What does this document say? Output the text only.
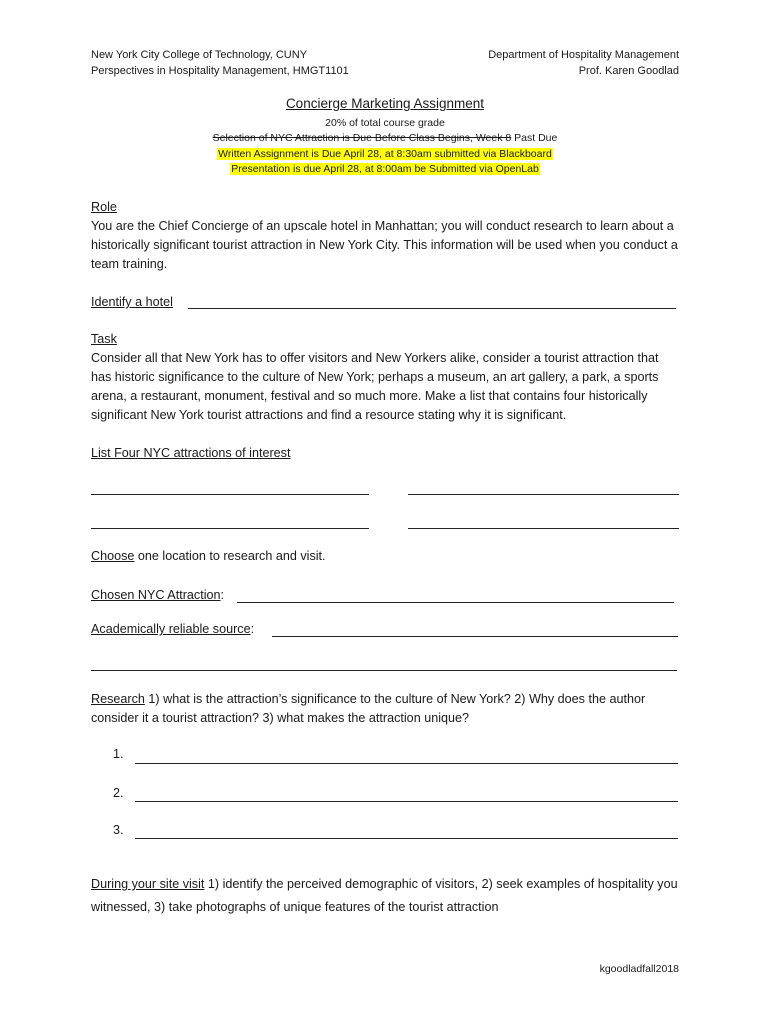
New York City College of Technology, CUNY
Perspectives in Hospitality Management, HMGT1101
Department of Hospitality Management
Prof. Karen Goodlad
Concierge Marketing Assignment
20% of total course grade
Selection of NYC Attraction is Due Before Class Begins, Week 8 Past Due
Written Assignment is Due April 28, at 8:30am submitted via Blackboard
Presentation is due April 28, at 8:00am be Submitted via OpenLab
Role
You are the Chief Concierge of an upscale hotel in Manhattan; you will conduct research to learn about a historically significant tourist attraction in New York City. This information will be used when you conduct a team training.
Identify a hotel
Task
Consider all that New York has to offer visitors and New Yorkers alike, consider a tourist attraction that has historic significance to the culture of New York; perhaps a museum, an art gallery, a park, a sports arena, a restaurant, monument, festival and so much more. Make a list that contains four historically significant New York tourist attractions and find a resource stating why it is significant.
List Four NYC attractions of interest
Choose one location to research and visit.
Chosen NYC Attraction:
Academically reliable source:
Research 1) what is the attraction’s significance to the culture of New York? 2) Why does the author consider it a tourist attraction? 3) what makes the attraction unique?
1.
2.
3.
During your site visit 1) identify the perceived demographic of visitors, 2) seek examples of hospitality you witnessed, 3) take photographs of unique features of the tourist attraction
kgoodladfall2018
